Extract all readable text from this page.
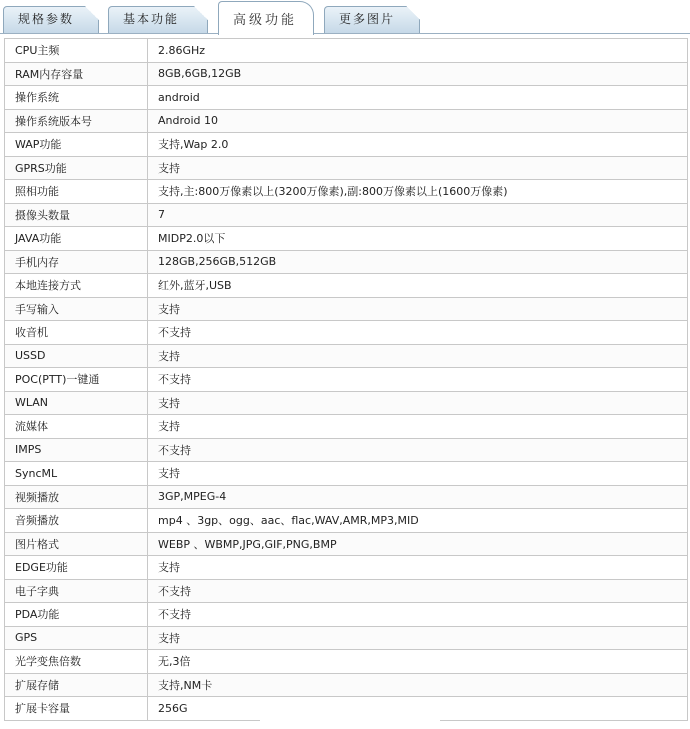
规格参数	基本功能	高级功能	更多图片
CPU主频	2.86GHz
RAM内存容量	8GB,6GB,12GB
操作系统	android
操作系统版本号	Android 10
WAP功能	支持,Wap 2.0
GPRS功能	支持
照相功能	支持,主:800万像素以上(3200万像素),副:800万像素以上(1600万像素)
摄像头数量	7
JAVA功能	MIDP2.0以下
手机内存	128GB,256GB,512GB
本地连接方式	红外,蓝牙,USB
手写输入	支持
收音机	不支持
USSD	支持
POC(PTT)一键通	不支持
WLAN	支持
流媒体	支持
IMPS	不支持
SyncML	支持
视频播放	3GP,MPEG-4
音频播放	mp4 、3gp、ogg、aac、flac,WAV,AMR,MP3,MID
图片格式	WEBP 、WBMP,JPG,GIF,PNG,BMP
EDGE功能	支持
电子字典	不支持
PDA功能	不支持
GPS	支持
光学变焦倍数	无,3倍
扩展存储	支持,NM卡
扩展卡容量	256G
